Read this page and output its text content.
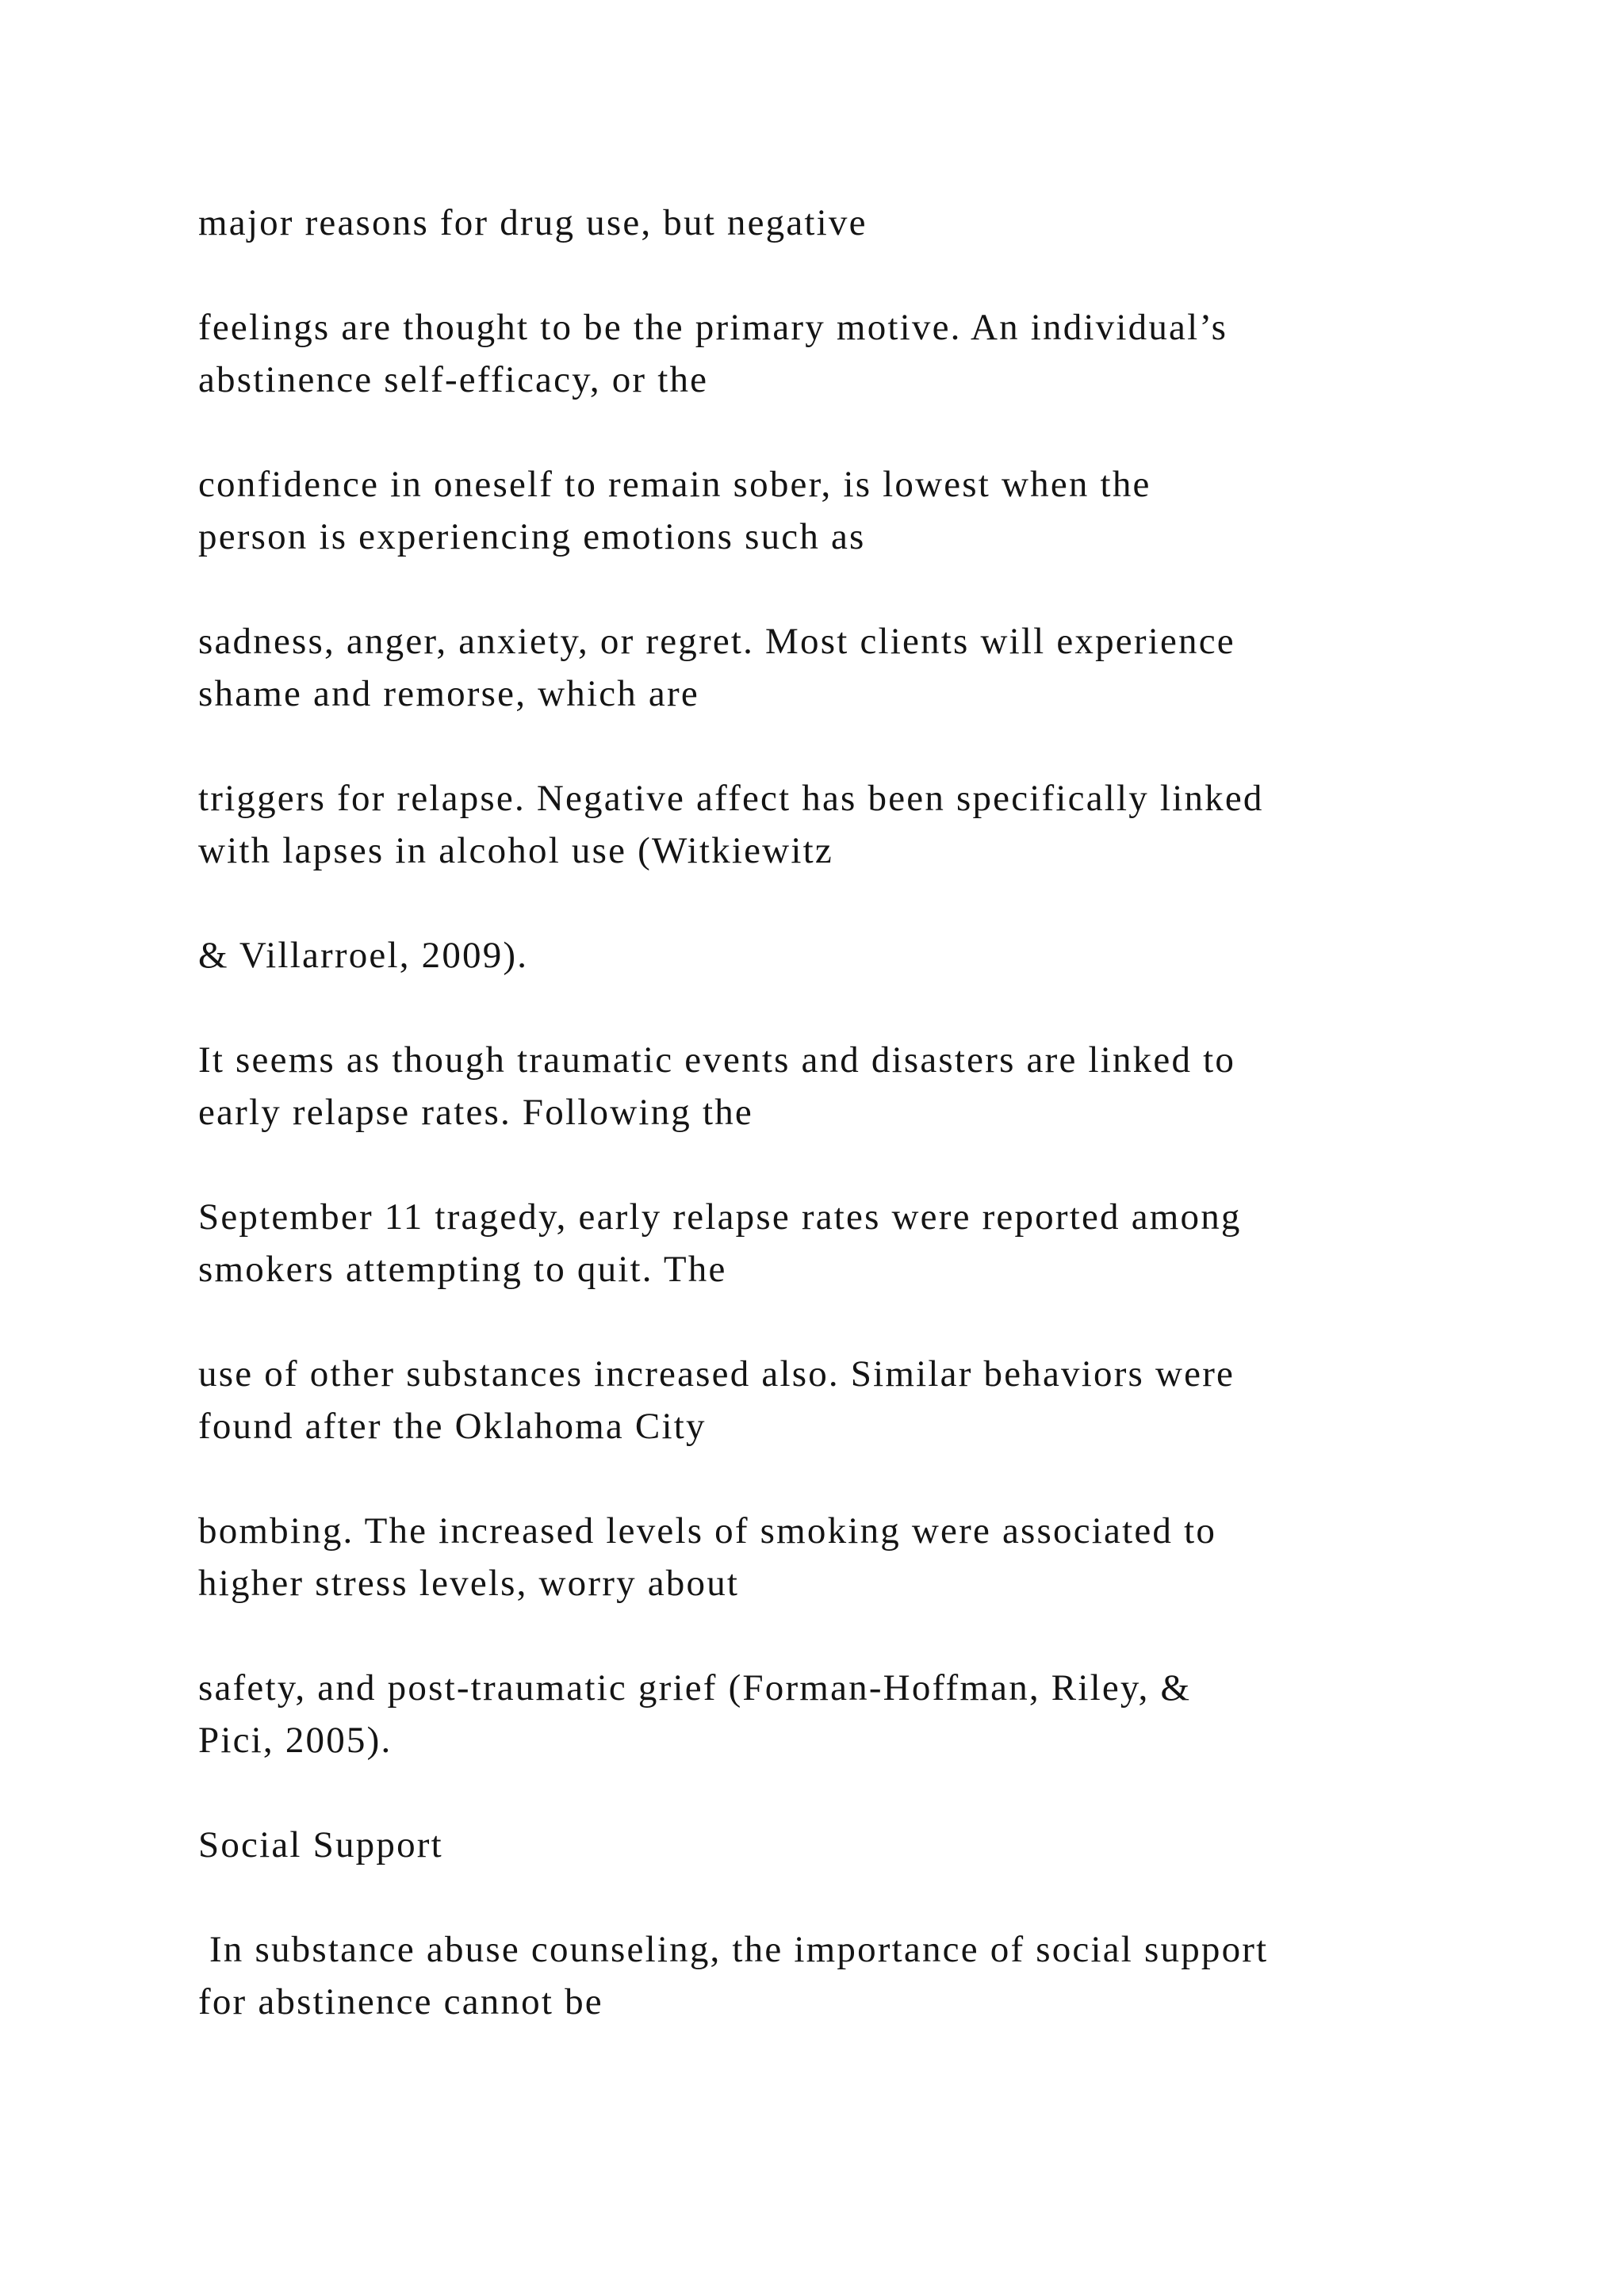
major reasons for drug use, but negative

feelings are thought to be the primary motive. An individual’s
abstinence self-efficacy, or the

confidence in oneself to remain sober, is lowest when the
person is experiencing emotions such as

sadness, anger, anxiety, or regret. Most clients will experience
shame and remorse, which are

triggers for relapse. Negative affect has been specifically linked
with lapses in alcohol use (Witkiewitz

& Villarroel, 2009).

It seems as though traumatic events and disasters are linked to
early relapse rates. Following the

September 11 tragedy, early relapse rates were reported among
smokers attempting to quit. The

use of other substances increased also. Similar behaviors were
found after the Oklahoma City

bombing. The increased levels of smoking were associated to
higher stress levels, worry about

safety, and post-traumatic grief (Forman-Hoffman, Riley, &
Pici, 2005).

Social Support

In substance abuse counseling, the importance of social support
for abstinence cannot be
